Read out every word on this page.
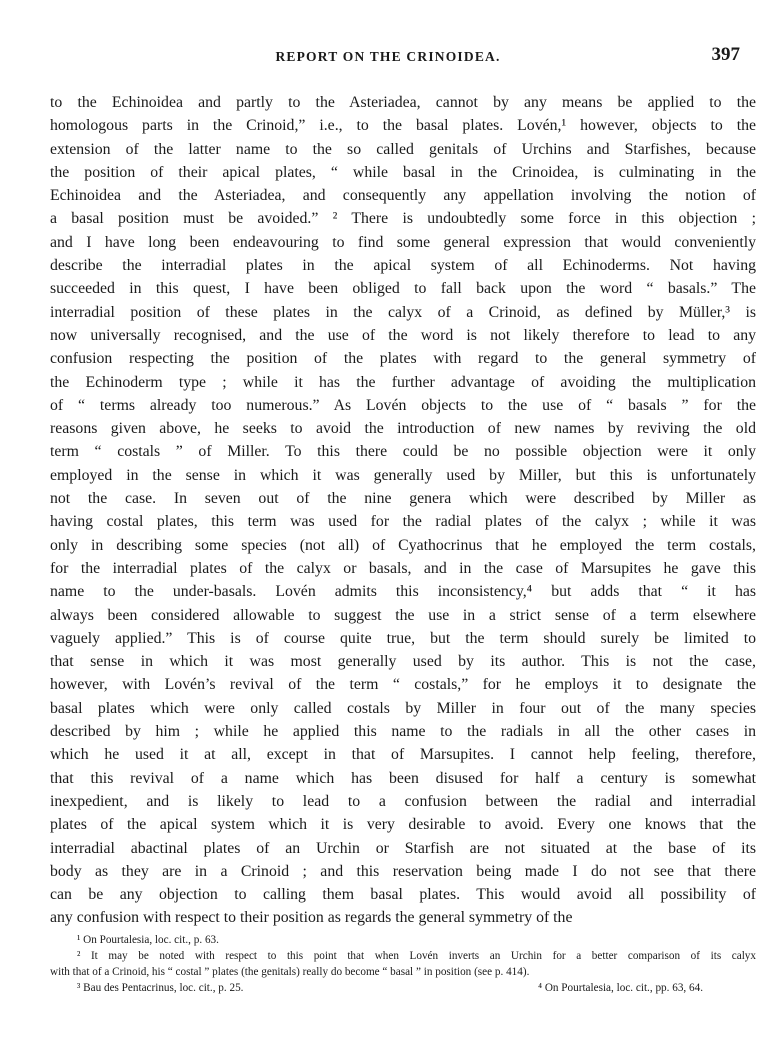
REPORT ON THE CRINOIDEA.	397
to the Echinoidea and partly to the Asteriadea, cannot by any means be applied to the
homologous parts in the Crinoid,” i.e., to the basal plates. Lovén,¹ however, objects to the
extension of the latter name to the so called genitals of Urchins and Starfishes, because
the position of their apical plates, “ while basal in the Crinoidea, is culminating in the
Echinoidea and the Asteriadea, and consequently any appellation involving the notion of
a basal position must be avoided.” ² There is undoubtedly some force in this objection ;
and I have long been endeavouring to find some general expression that would conveniently
describe the interradial plates in the apical system of all Echinoderms. Not having
succeeded in this quest, I have been obliged to fall back upon the word “ basals.” The
interradial position of these plates in the calyx of a Crinoid, as defined by Müller,³ is
now universally recognised, and the use of the word is not likely therefore to lead to any
confusion respecting the position of the plates with regard to the general symmetry of
the Echinoderm type ; while it has the further advantage of avoiding the multiplication
of “ terms already too numerous.” As Lovén objects to the use of “ basals ” for the
reasons given above, he seeks to avoid the introduction of new names by reviving the old
term “ costals ” of Miller. To this there could be no possible objection were it only
employed in the sense in which it was generally used by Miller, but this is unfortunately
not the case. In seven out of the nine genera which were described by Miller as
having costal plates, this term was used for the radial plates of the calyx ; while it was
only in describing some species (not all) of Cyathocrinus that he employed the term costals,
for the interradial plates of the calyx or basals, and in the case of Marsupites he gave this
name to the under-basals. Lovén admits this inconsistency,⁴ but adds that “ it has
always been considered allowable to suggest the use in a strict sense of a term elsewhere
vaguely applied.” This is of course quite true, but the term should surely be limited to
that sense in which it was most generally used by its author. This is not the case,
however, with Lovén’s revival of the term “ costals,” for he employs it to designate the
basal plates which were only called costals by Miller in four out of the many species
described by him ; while he applied this name to the radials in all the other cases in
which he used it at all, except in that of Marsupites. I cannot help feeling, therefore,
that this revival of a name which has been disused for half a century is somewhat
inexpedient, and is likely to lead to a confusion between the radial and interradial
plates of the apical system which it is very desirable to avoid. Every one knows that the
interradial abactinal plates of an Urchin or Starfish are not situated at the base of its
body as they are in a Crinoid ; and this reservation being made I do not see that there
can be any objection to calling them basal plates. This would avoid all possibility of
any confusion with respect to their position as regards the general symmetry of the
¹ On Pourtalesia, loc. cit., p. 63.
² It may be noted with respect to this point that when Lovén inverts an Urchin for a better comparison of its calyx
with that of a Crinoid, his “ costal ” plates (the genitals) really do become “ basal ” in position (see p. 414).
³ Bau des Pentacrinus, loc. cit., p. 25.	⁴ On Pourtalesia, loc. cit., pp. 63, 64.
